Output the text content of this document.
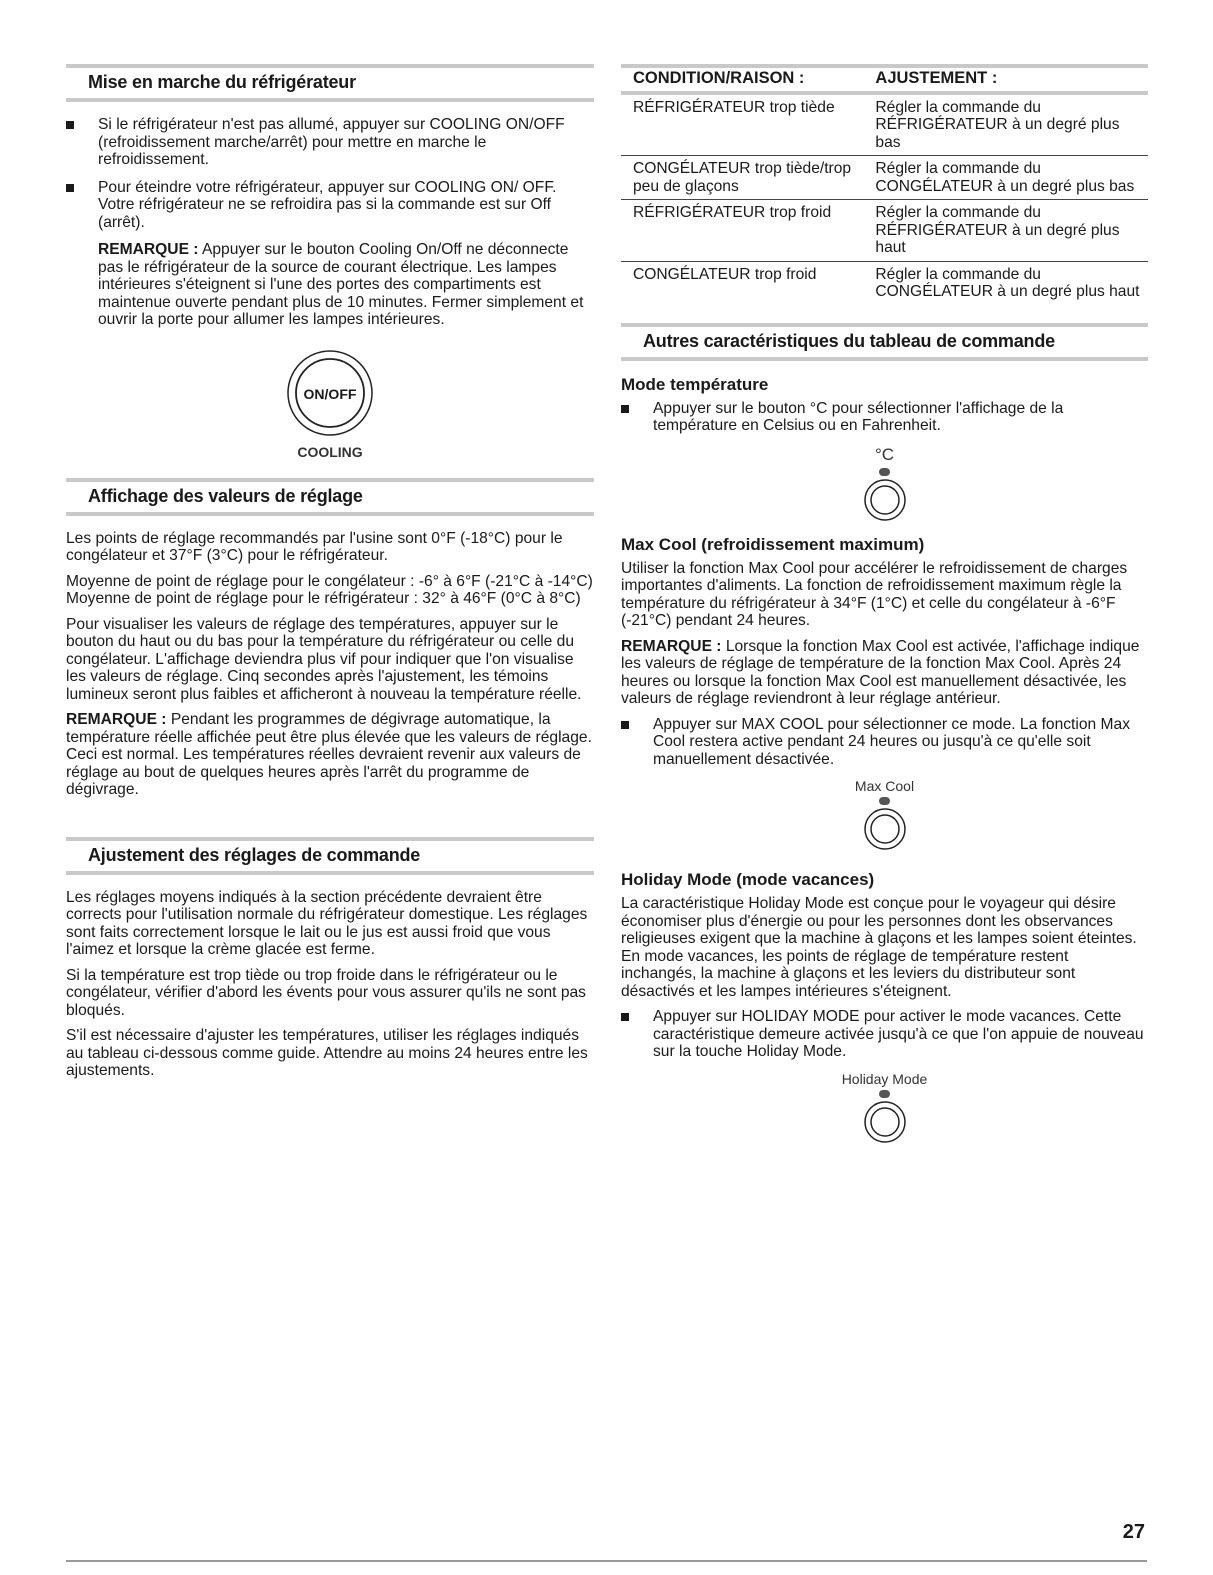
Mise en marche du réfrigérateur
Si le réfrigérateur n'est pas allumé, appuyer sur COOLING ON/OFF (refroidissement marche/arrêt) pour mettre en marche le refroidissement.
Pour éteindre votre réfrigérateur, appuyer sur COOLING ON/ OFF. Votre réfrigérateur ne se refroidira pas si la commande est sur Off (arrêt).
REMARQUE : Appuyer sur le bouton Cooling On/Off ne déconnecte pas le réfrigérateur de la source de courant électrique. Les lampes intérieures s'éteignent si l'une des portes des compartiments est maintenue ouverte pendant plus de 10 minutes. Fermer simplement et ouvrir la porte pour allumer les lampes intérieures.
ON/OFF
COOLING
Affichage des valeurs de réglage

Les points de réglage recommandés par l'usine sont 0°F (-18°C) pour le congélateur et 37°F (3°C) pour le réfrigérateur.

Moyenne de point de réglage pour le congélateur : -6° à 6°F (-21°C à -14°C)

Moyenne de point de réglage pour le réfrigérateur : 32° à 46°F (0°C à 8°C)

Pour visualiser les valeurs de réglage des températures, appuyer sur le bouton du haut ou du bas pour la température du réfrigérateur ou celle du congélateur. L'affichage deviendra plus vif pour indiquer que l'on visualise les valeurs de réglage. Cinq secondes après l'ajustement, les témoins lumineux seront plus faibles et afficheront à nouveau la température réelle.

REMARQUE : Pendant les programmes de dégivrage automatique, la température réelle affichée peut être plus élevée que les valeurs de réglage. Ceci est normal. Les températures réelles devraient revenir aux valeurs de réglage au bout de quelques heures après l'arrêt du programme de dégivrage.

Ajustement des réglages de commande

Les réglages moyens indiqués à la section précédente devraient être corrects pour l'utilisation normale du réfrigérateur domestique. Les réglages sont faits correctement lorsque le lait ou le jus est aussi froid que vous l'aimez et lorsque la crème glacée est ferme.

Si la température est trop tiède ou trop froide dans le réfrigérateur ou le congélateur, vérifier d'abord les évents pour vous assurer qu'ils ne sont pas bloqués.

S'il est nécessaire d'ajuster les températures, utiliser les réglages indiqués au tableau ci-dessous comme guide. Attendre au moins 24 heures entre les ajustements.

CONDITION/RAISON :	AJUSTEMENT :
RÉFRIGÉRATEUR trop tiède	Régler la commande du RÉFRIGÉRATEUR à un degré plus bas
CONGÉLATEUR trop tiède/trop peu de glaçons	Régler la commande du CONGÉLATEUR à un degré plus bas
RÉFRIGÉRATEUR trop froid	Régler la commande du RÉFRIGÉRATEUR à un degré plus haut
CONGÉLATEUR trop froid	Régler la commande du CONGÉLATEUR à un degré plus haut
Autres caractéristiques du tableau de commande
Mode température
Appuyer sur le bouton °C pour sélectionner l'affichage de la température en Celsius ou en Fahrenheit.
°C
Max Cool (refroidissement maximum)

Utiliser la fonction Max Cool pour accélérer le refroidissement de charges importantes d'aliments. La fonction de refroidissement maximum règle la température du réfrigérateur à 34°F (1°C) et celle du congélateur à -6°F (-21°C) pendant 24 heures.

REMARQUE : Lorsque la fonction Max Cool est activée, l'affichage indique les valeurs de réglage de température de la fonction Max Cool. Après 24 heures ou lorsque la fonction Max Cool est manuellement désactivée, les valeurs de réglage reviendront à leur réglage antérieur.

Appuyer sur MAX COOL pour sélectionner ce mode. La fonction Max Cool restera active pendant 24 heures ou jusqu'à ce qu'elle soit manuellement désactivée.
Max Cool
Holiday Mode (mode vacances)

La caractéristique Holiday Mode est conçue pour le voyageur qui désire économiser plus d'énergie ou pour les personnes dont les observances religieuses exigent que la machine à glaçons et les lampes soient éteintes. En mode vacances, les points de réglage de température restent inchangés, la machine à glaçons et les leviers du distributeur sont désactivés et les lampes intérieures s'éteignent.

Appuyer sur HOLIDAY MODE pour activer le mode vacances. Cette caractéristique demeure activée jusqu'à ce que l'on appuie de nouveau sur la touche Holiday Mode.
Holiday Mode
27
